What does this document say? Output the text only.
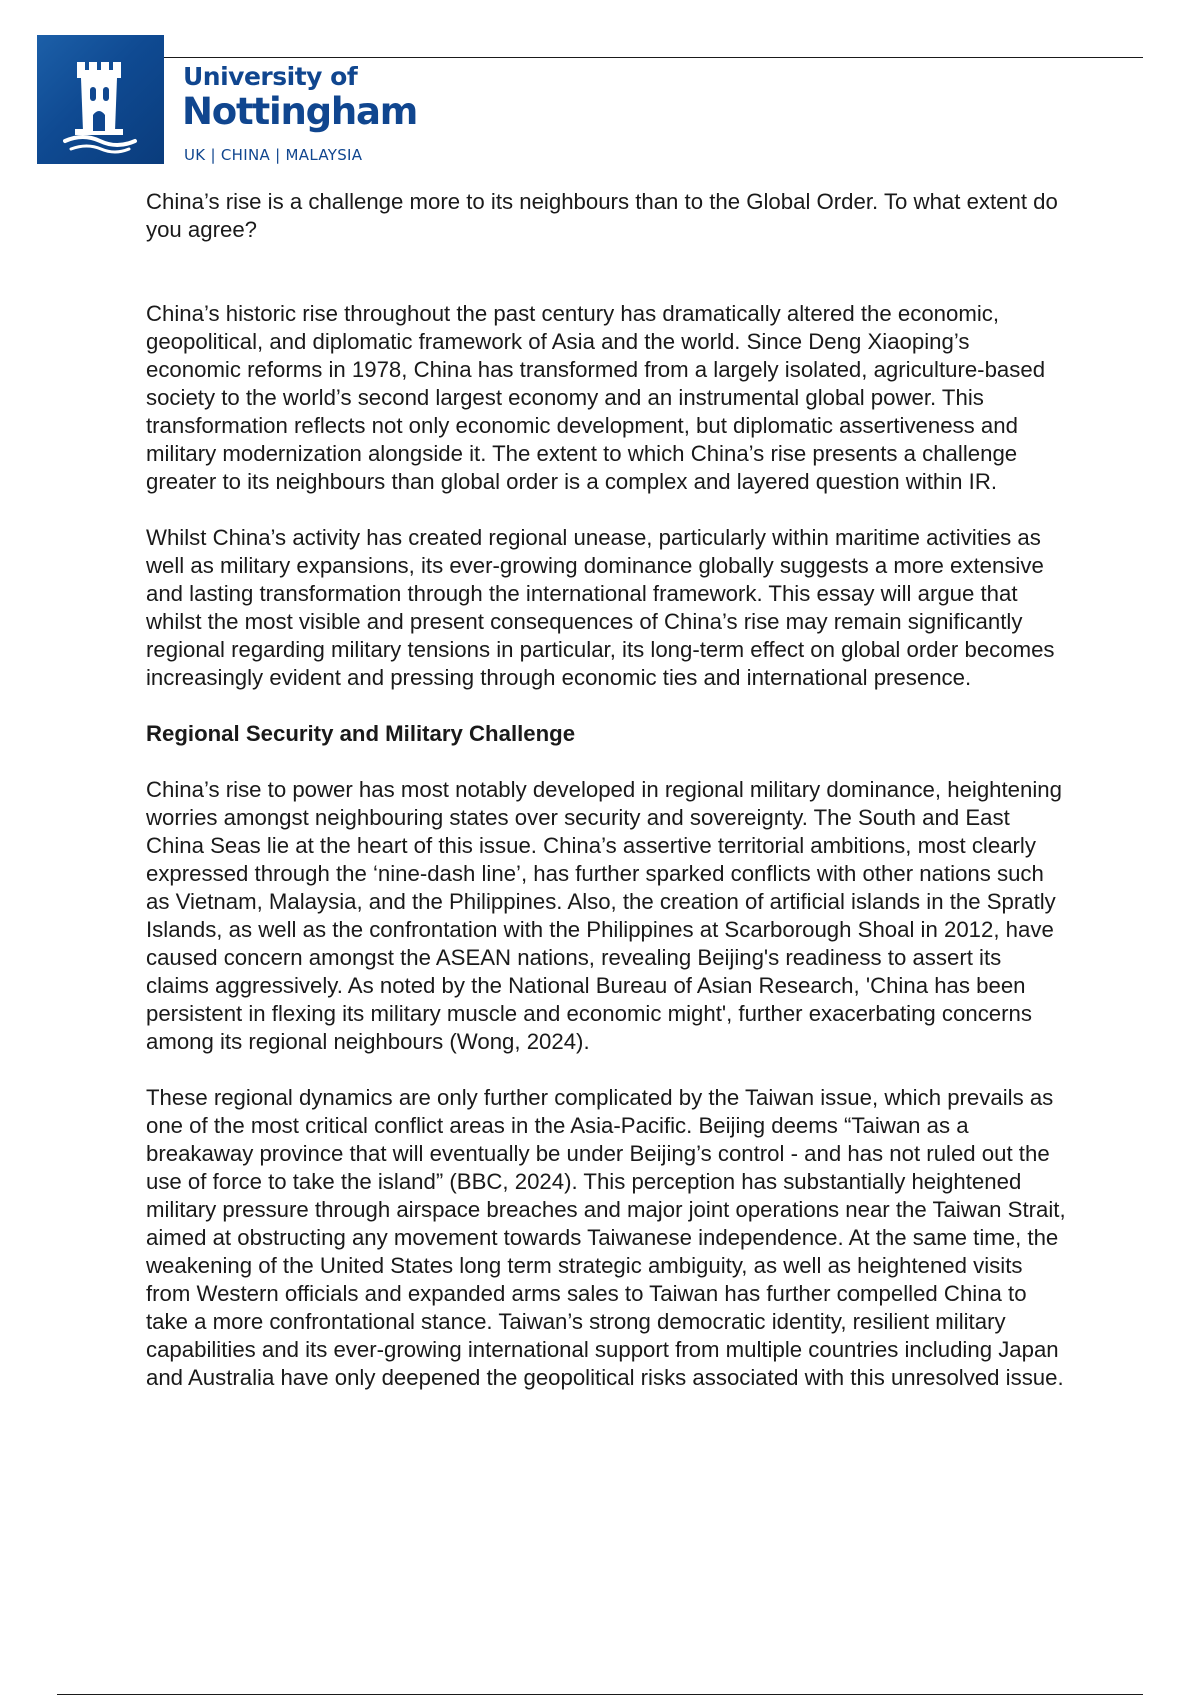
University of
Nottingham
UK | CHINA | MALAYSIA

China’s rise is a challenge more to its neighbours than to the Global Order. To what extent do you agree?

China’s historic rise throughout the past century has dramatically altered the economic, geopolitical, and diplomatic framework of Asia and the world. Since Deng Xiaoping’s economic reforms in 1978, China has transformed from a largely isolated, agriculture-based society to the world’s second largest economy and an instrumental global power. This transformation reflects not only economic development, but diplomatic assertiveness and military modernization alongside it. The extent to which China’s rise presents a challenge greater to its neighbours than global order is a complex and layered question within IR.

Whilst China’s activity has created regional unease, particularly within maritime activities as well as military expansions, its ever-growing dominance globally suggests a more extensive and lasting transformation through the international framework. This essay will argue that whilst the most visible and present consequences of China’s rise may remain significantly regional regarding military tensions in particular, its long-term effect on global order becomes increasingly evident and pressing through economic ties and international presence.

Regional Security and Military Challenge

China’s rise to power has most notably developed in regional military dominance, heightening worries amongst neighbouring states over security and sovereignty. The South and East China Seas lie at the heart of this issue. China’s assertive territorial ambitions, most clearly expressed through the ‘nine-dash line’, has further sparked conflicts with other nations such as Vietnam, Malaysia, and the Philippines. Also, the creation of artificial islands in the Spratly Islands, as well as the confrontation with the Philippines at Scarborough Shoal in 2012, have caused concern amongst the ASEAN nations, revealing Beijing's readiness to assert its claims aggressively. As noted by the National Bureau of Asian Research, 'China has been persistent in flexing its military muscle and economic might', further exacerbating concerns among its regional neighbours (Wong, 2024).

These regional dynamics are only further complicated by the Taiwan issue, which prevails as one of the most critical conflict areas in the Asia-Pacific. Beijing deems “Taiwan as a breakaway province that will eventually be under Beijing’s control - and has not ruled out the use of force to take the island” (BBC, 2024). This perception has substantially heightened military pressure through airspace breaches and major joint operations near the Taiwan Strait, aimed at obstructing any movement towards Taiwanese independence. At the same time, the weakening of the United States long term strategic ambiguity, as well as heightened visits from Western officials and expanded arms sales to Taiwan has further compelled China to take a more confrontational stance. Taiwan’s strong democratic identity, resilient military capabilities and its ever-growing international support from multiple countries including Japan and Australia have only deepened the geopolitical risks associated with this unresolved issue.
